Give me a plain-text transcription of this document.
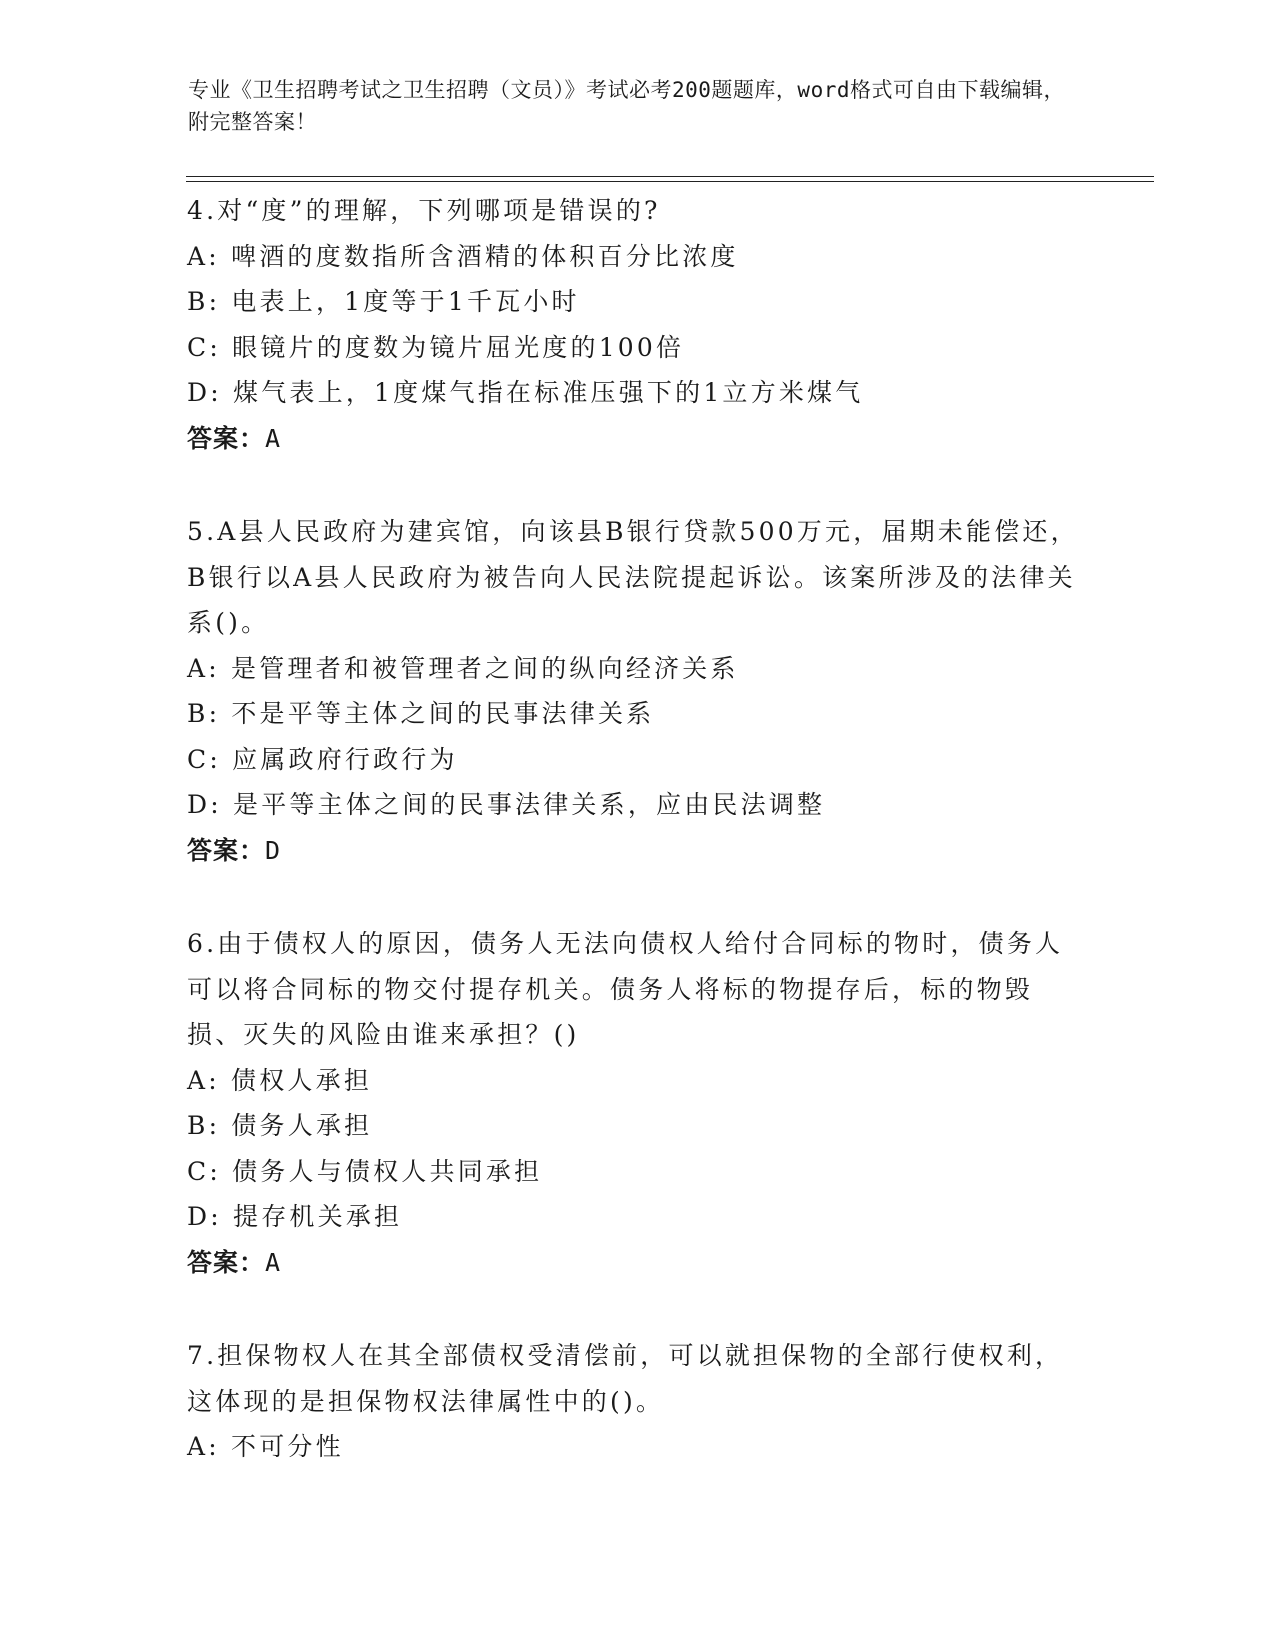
专业《卫生招聘考试之卫生招聘（文员）》考试必考200题题库，word格式可自由下载编辑，附完整答案！

4.对“度”的理解，下列哪项是错误的?

A: 啤酒的度数指所含酒精的体积百分比浓度

B: 电表上，1度等于1千瓦小时

C: 眼镜片的度数为镜片屈光度的100倍

D: 煤气表上，1度煤气指在标准压强下的1立方米煤气

答案：A

5.A县人民政府为建宾馆，向该县B银行贷款500万元，届期未能偿还，B银行以A县人民政府为被告向人民法院提起诉讼。该案所涉及的法律关系()。

A: 是管理者和被管理者之间的纵向经济关系

B: 不是平等主体之间的民事法律关系

C: 应属政府行政行为

D: 是平等主体之间的民事法律关系，应由民法调整

答案：D

6.由于债权人的原因，债务人无法向债权人给付合同标的物时，债务人可以将合同标的物交付提存机关。债务人将标的物提存后，标的物毁损、灭失的风险由谁来承担？()

A: 债权人承担

B: 债务人承担

C: 债务人与债权人共同承担

D: 提存机关承担

答案：A

7.担保物权人在其全部债权受清偿前，可以就担保物的全部行使权利，这体现的是担保物权法律属性中的()。

A: 不可分性
